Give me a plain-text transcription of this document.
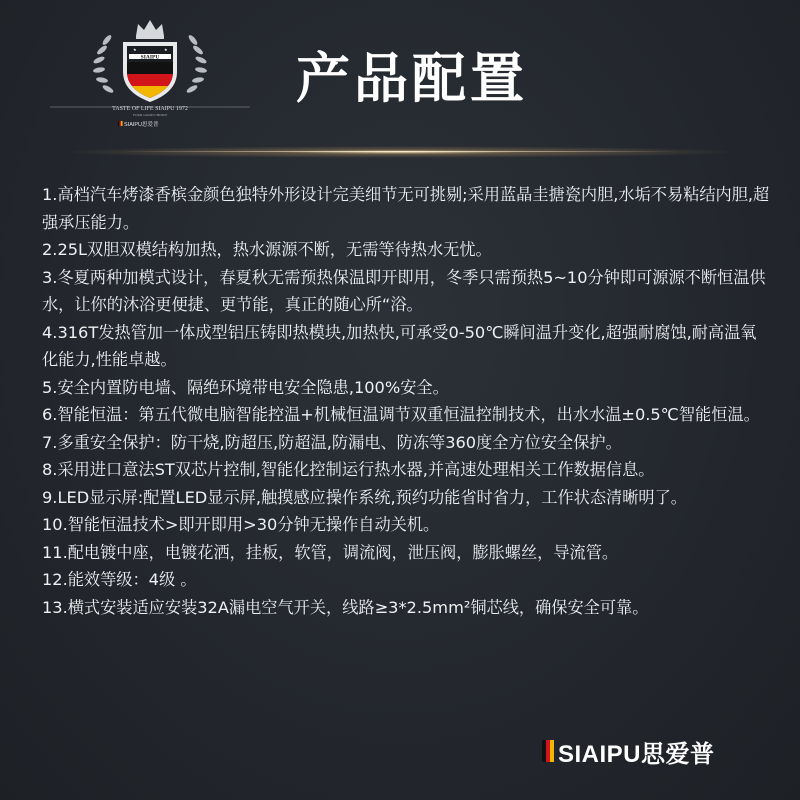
★	★
SIAIPU
TASTE OF LIFE SIAIPU 1972
YOUR GOOD CHOICE
SIAIPU思爱普
产品配置
1.高档汽车烤漆香槟金颜色独特外形设计完美细节无可挑剔;采用蓝晶圭搪瓷内胆,水垢不易粘结内胆,超强承压能力。
2.25L双胆双模结构加热，热水源源不断，无需等待热水无忧。
3.冬夏两种加模式设计，春夏秋无需预热保温即开即用，冬季只需预热5~10分钟即可源源不断恒温供水，让你的沐浴更便捷、更节能，真正的随心所“浴。
4.316T发热管加一体成型铝压铸即热模块,加热快,可承受0-50℃瞬间温升变化,超强耐腐蚀,耐高温氧化能力,性能卓越。
5.安全内置防电墙、隔绝环境带电安全隐患,100%安全。
6.智能恒温：第五代微电脑智能控温+机械恒温调节双重恒温控制技术，出水水温±0.5℃智能恒温。
7.多重安全保护：防干烧,防超压,防超温,防漏电、防冻等360度全方位安全保护。
8.采用进口意法ST双芯片控制,智能化控制运行热水器,并高速处理相关工作数据信息。
9.LED显示屏:配置LED显示屏,触摸感应操作系统,预约功能省时省力，工作状态清晰明了。
10.智能恒温技术>即开即用>30分钟无操作自动关机。
11.配电镀中座，电镀花洒，挂板，软管，调流阀，泄压阀，膨胀螺丝，导流管。
12.能效等级：4级 。
13.横式安装适应安装32A漏电空气开关，线路≥3*2.5mm²铜芯线，确保安全可靠。
SIAIPU思爱普
